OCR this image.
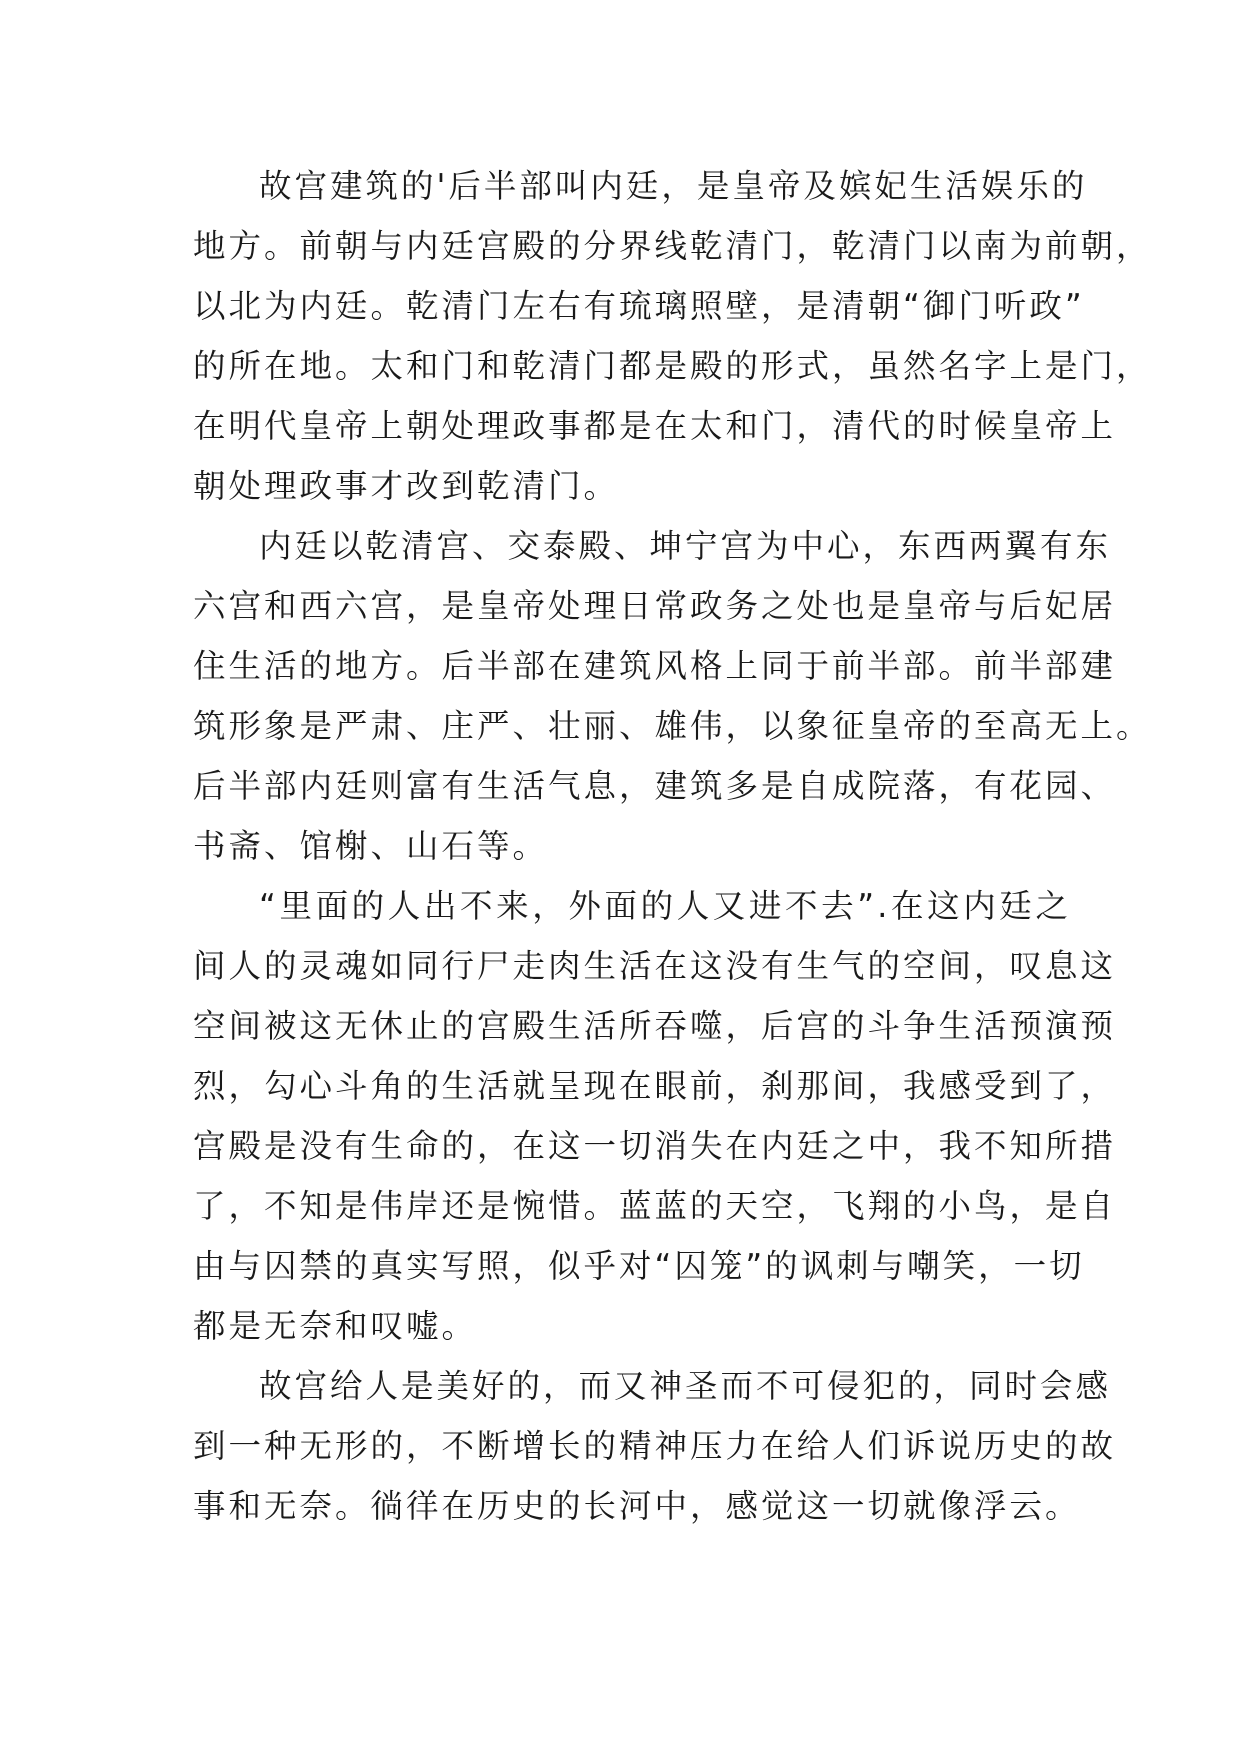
故宫建筑的'后半部叫内廷，是皇帝及嫔妃生活娱乐的
地方。前朝与内廷宫殿的分界线乾清门，乾清门以南为前朝，
以北为内廷。乾清门左右有琉璃照壁，是清朝“御门听政”
的所在地。太和门和乾清门都是殿的形式，虽然名字上是门，
在明代皇帝上朝处理政事都是在太和门，清代的时候皇帝上
朝处理政事才改到乾清门。
内廷以乾清宫、交泰殿、坤宁宫为中心，东西两翼有东
六宫和西六宫，是皇帝处理日常政务之处也是皇帝与后妃居
住生活的地方。后半部在建筑风格上同于前半部。前半部建
筑形象是严肃、庄严、壮丽、雄伟，以象征皇帝的至高无上。
后半部内廷则富有生活气息，建筑多是自成院落，有花园、
书斋、馆榭、山石等。
“里面的人出不来，外面的人又进不去”.在这内廷之
间人的灵魂如同行尸走肉生活在这没有生气的空间，叹息这
空间被这无休止的宫殿生活所吞噬，后宫的斗争生活预演预
烈，勾心斗角的生活就呈现在眼前，刹那间，我感受到了，
宫殿是没有生命的，在这一切消失在内廷之中，我不知所措
了，不知是伟岸还是惋惜。蓝蓝的天空，飞翔的小鸟，是自
由与囚禁的真实写照，似乎对“囚笼”的讽刺与嘲笑，一切
都是无奈和叹嘘。
故宫给人是美好的，而又神圣而不可侵犯的，同时会感
到一种无形的，不断增长的精神压力在给人们诉说历史的故
事和无奈。徜徉在历史的长河中，感觉这一切就像浮云。
